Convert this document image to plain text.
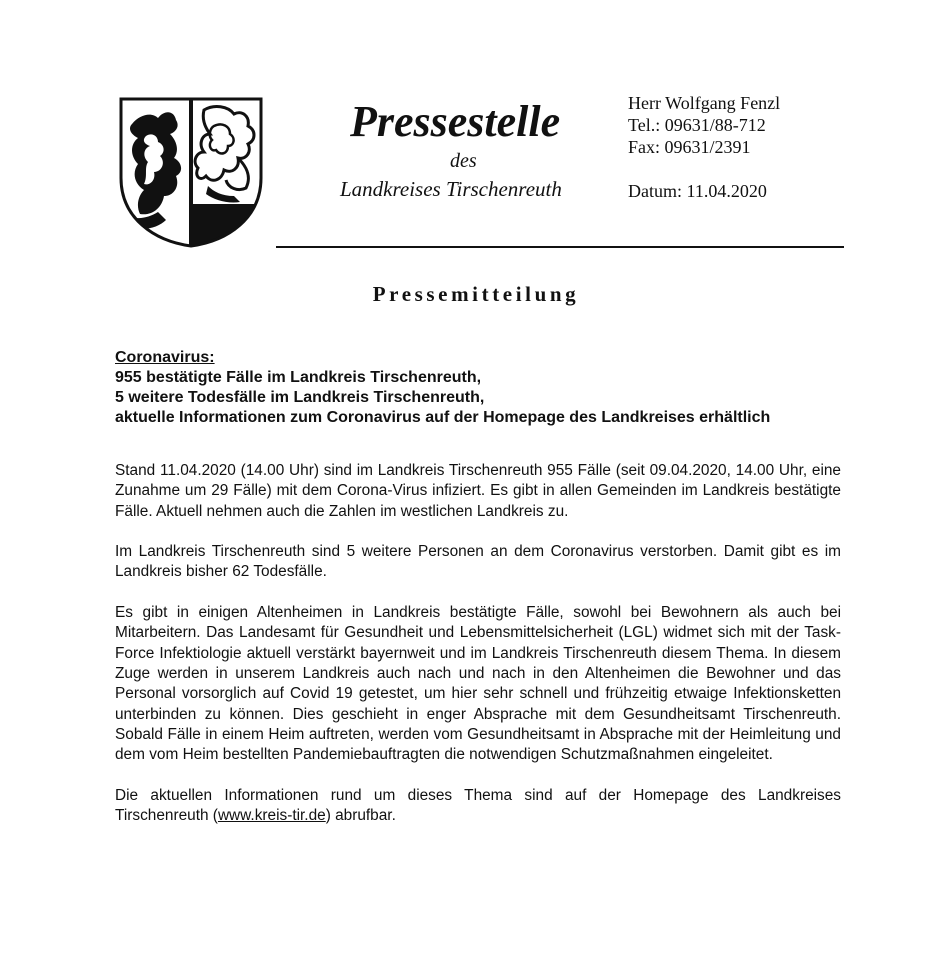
Pressestelle
des
Landkreises Tirschenreuth
Herr Wolfgang Fenzl
Tel.: 09631/88-712
Fax: 09631/2391
Datum: 11.04.2020
Pressemitteilung
Coronavirus:
955 bestätigte Fälle im Landkreis Tirschenreuth,
5 weitere Todesfälle im Landkreis Tirschenreuth,
aktuelle Informationen zum Coronavirus auf der Homepage des Landkreises erhältlich

Stand 11.04.2020 (14.00 Uhr) sind im Landkreis Tirschenreuth 955 Fälle (seit 09.04.2020, 14.00 Uhr, eine Zunahme um 29 Fälle) mit dem Corona-Virus infiziert. Es gibt in allen Gemeinden im Landkreis bestätigte Fälle. Aktuell nehmen auch die Zahlen im westlichen Landkreis zu.

Im Landkreis Tirschenreuth sind 5 weitere Personen an dem Coronavirus verstorben. Damit gibt es im Landkreis bisher 62 Todesfälle.

Es gibt in einigen Altenheimen in Landkreis bestätigte Fälle, sowohl bei Bewohnern als auch bei Mitarbeitern. Das Landesamt für Gesundheit und Lebensmittelsicherheit (LGL) widmet sich mit der Task-Force Infektiologie aktuell verstärkt bayernweit und im Landkreis Tirschenreuth diesem Thema. In diesem Zuge werden in unserem Landkreis auch nach und nach in den Altenheimen die Bewohner und das Personal vorsorglich auf Covid 19 getestet, um hier sehr schnell und frühzeitig etwaige Infektionsketten unterbinden zu können. Dies geschieht in enger Absprache mit dem Gesundheitsamt Tirschenreuth. Sobald Fälle in einem Heim auftreten, werden vom Gesundheitsamt in Absprache mit der Heimleitung und dem vom Heim bestellten Pandemiebauftragten die notwendigen Schutzmaßnahmen eingeleitet.

Die aktuellen Informationen rund um dieses Thema sind auf der Homepage des Landkreises Tirschenreuth (www.kreis-tir.de) abrufbar.
